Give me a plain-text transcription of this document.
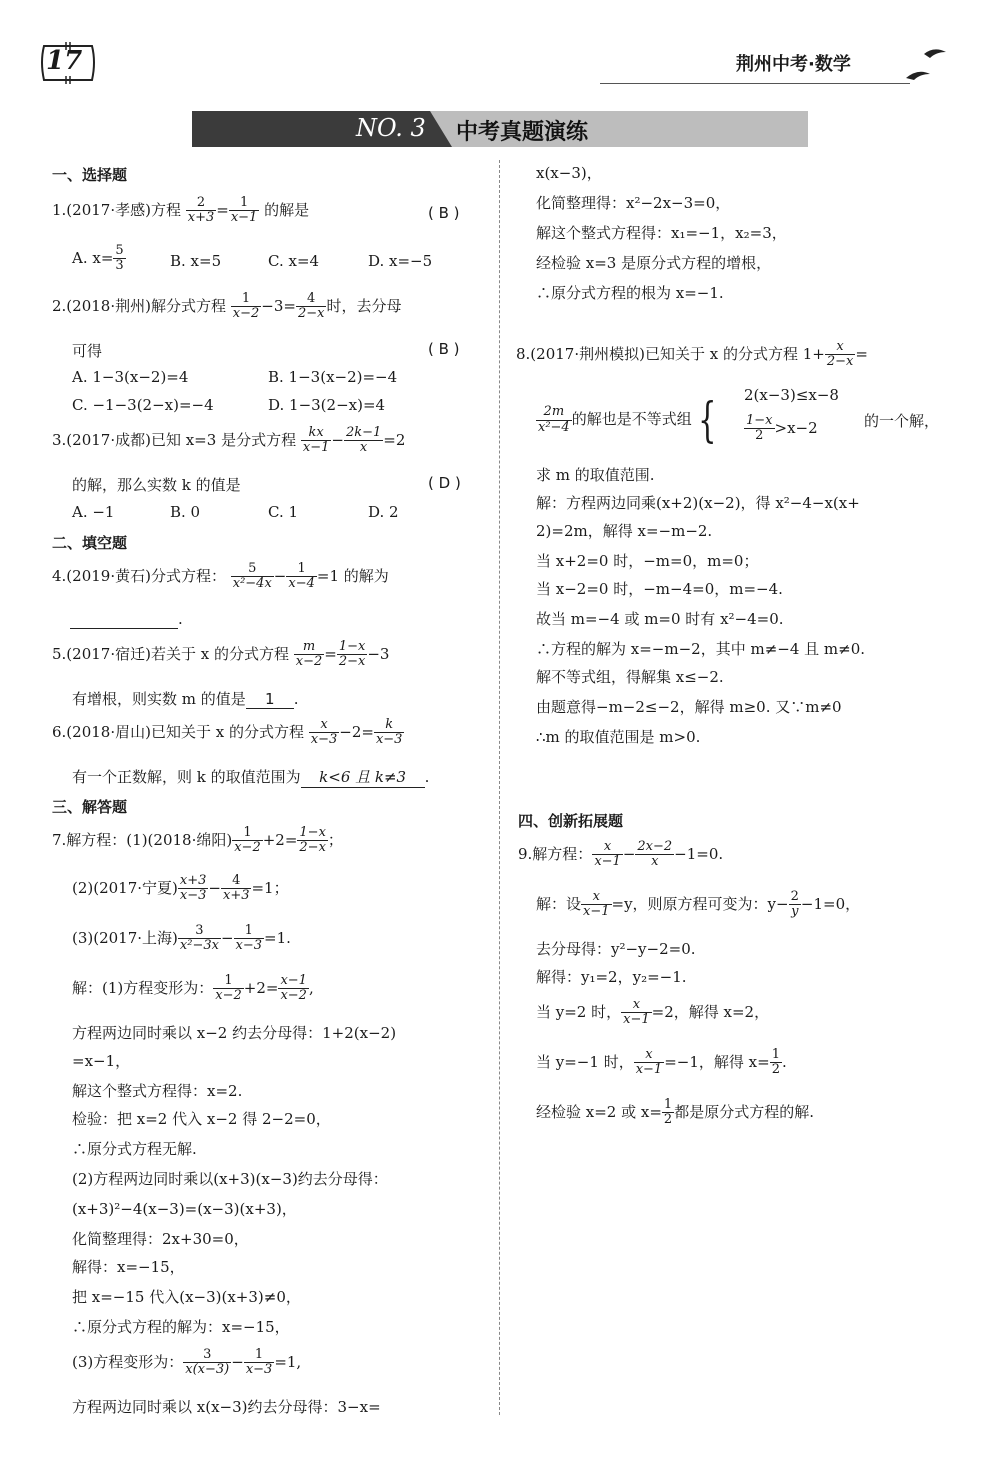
17	荆州中考·数学
NO. 3 中考真题演练
一、选择题
1.(2017·孝感)方程 $\frac{2}{x+3} = \frac{1}{x-1}$ 的解是	( B )
A. $x= \frac{5}{3}$	B. x=5	C. x=4	D. x=−5
2.(2018·荆州)解分式方程 $\frac{1}{x-2} -3= \frac{4}{2-x}$ 时，去分母
可得	( B )
A. 1−3(x−2)=4	B. 1−3(x−2)=−4
C. −1−3(2−x)=−4	D. 1−3(2−x)=4
3.(2017·成都)已知 x=3 是分式方程 $\frac{kx}{x-1} - \frac{2k-1}{x} =2$
的解，那么实数 k 的值是	( D )
A. −1	B. 0	C. 1	D. 2
二、填空题
4.(2019·黄石)分式方程： $\frac{5}{\text{x²−4x}} - \frac{1}{x-4} =1$ 的解为
.
5.(2017·宿迁)若关于 x 的分式方程 $\frac{m}{x-2} = \frac{1-x}{2-x} -3$
有增根，则实数 m 的值是 1 .
6.(2018·眉山)已知关于 x 的分式方程 $\frac{x}{x-3} -2= \frac{k}{x-3}$
有一个正数解，则 k 的取值范围为 k<6 且 k≠3 .
三、解答题
7.解方程：(1)(2018·绵阳) $\frac{1}{x-2} +2= \frac{1-x}{2-x}$ ；
(2)(2017·宁夏) $\frac{x+3}{x-3} - \frac{4}{x+3} =1$；
(3)(2017·上海) $\frac{3}{\text{x²−3x}} - \frac{1}{x-3} =1$.
解：(1)方程变形为： $\frac{1}{x-2} +2= \frac{x-1}{x-2}$ ,
方程两边同时乘以 x−2 约去分母得：1+2(x−2)
=x−1，
解这个整式方程得：x=2.
检验：把 x=2 代入 x−2 得 2−2=0，
∴原分式方程无解.
(2)方程两边同时乘以(x+3)(x−3)约去分母得：
(x+3)²−4(x−3)=(x−3)(x+3)，
化简整理得：2x+30=0，
解得：x=−15，
把 x=−15 代入(x−3)(x+3)≠0，
∴原分式方程的解为：x=−15，
(3)方程变形为： $\frac{3}{x(x-3)} - \frac{1}{x-3} =1$,
方程两边同时乘以 x(x−3)约去分母得：3−x=
x(x−3)，
化简整理得：x²−2x−3=0，
解这个整式方程得：x₁=−1，x₂=3，
经检验 x=3 是原分式方程的增根，
∴原分式方程的根为 x=−1.
8.(2017·荆州模拟)已知关于 x 的分式方程 $1+ \frac{x}{2-x}$ =
$\frac{2m}{\text{x²−4}}$ 的解也是不等式组 {	2(x−3)≤x−8
$\frac{1-x}{2} >x-2$	的一个解，
求 m 的取值范围.
解：方程两边同乘(x+2)(x−2)，得 x²−4−x(x+
2)=2m，解得 x=−m−2.
当 x+2=0 时，−m=0，m=0；
当 x−2=0 时，−m−4=0，m=−4.
故当 m=−4 或 m=0 时有 x²−4=0.
∴方程的解为 x=−m−2，其中 m≠−4 且 m≠0.
解不等式组，得解集 x≤−2.
由题意得−m−2≤−2，解得 m≥0. 又∵m≠0
∴m 的取值范围是 m>0.
四、创新拓展题
9.解方程： $\frac{x}{x-1} - \frac{2x-2}{x} -1=0$.
解：设 $\frac{x}{x-1} =y$，则原方程可变为：$y- \frac{2}{y} -1=0$，
去分母得：y²−y−2=0.
解得：y₁=2，y₂=−1.
当 y=2 时， $\frac{x}{x-1} =2$，解得 x=2，
当 y=−1 时， $\frac{x}{x-1} =-1$，解得 $x= \frac{1}{2}$ .
经检验 x=2 或 $x= \frac{1}{2}$ 都是原分式方程的解.
